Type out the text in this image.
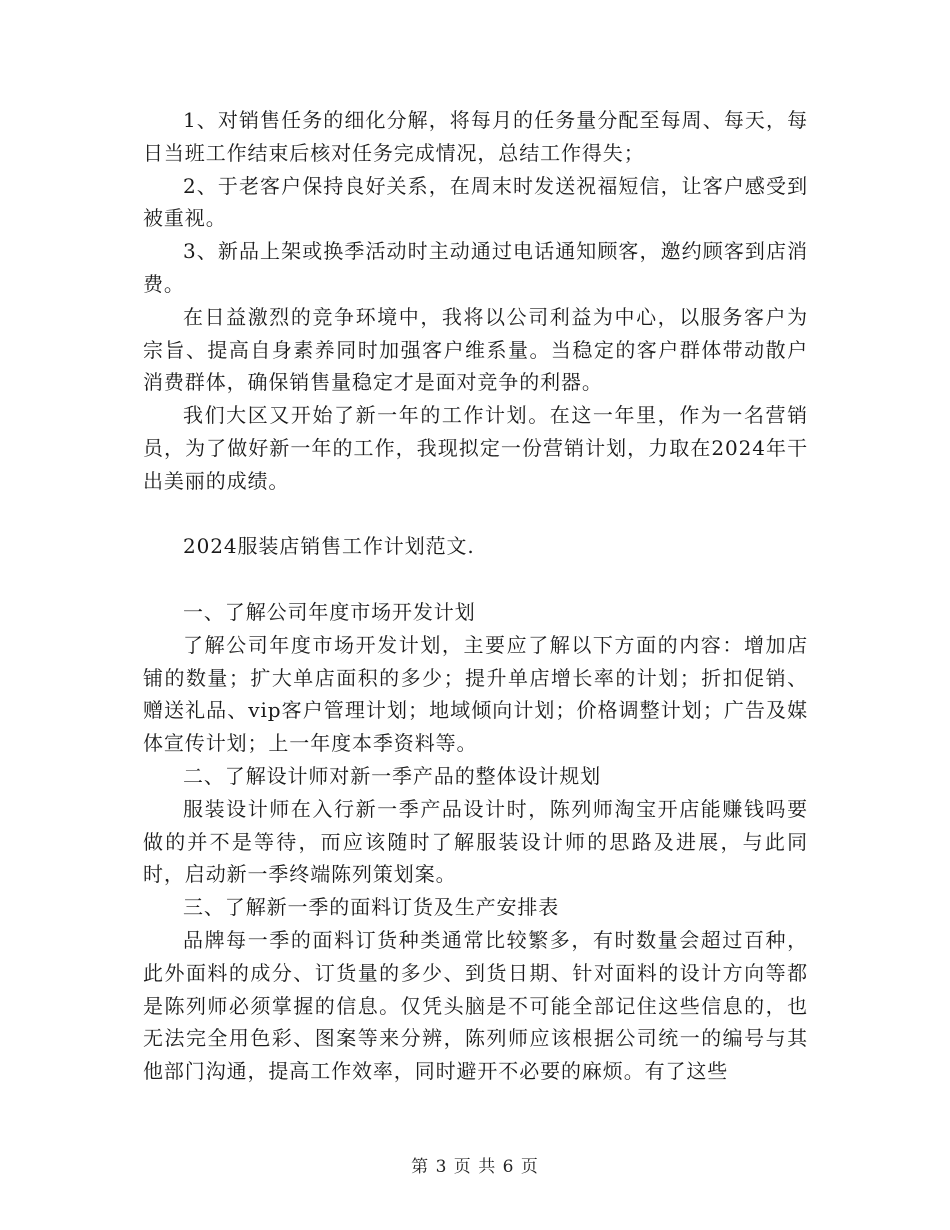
1、对销售任务的细化分解，将每月的任务量分配至每周、每天，每日当班工作结束后核对任务完成情况，总结工作得失；

2、于老客户保持良好关系，在周末时发送祝福短信，让客户感受到被重视。

3、新品上架或换季活动时主动通过电话通知顾客，邀约顾客到店消费。

在日益激烈的竞争环境中，我将以公司利益为中心，以服务客户为宗旨、提高自身素养同时加强客户维系量。当稳定的客户群体带动散户消费群体，确保销售量稳定才是面对竞争的利器。

我们大区又开始了新一年的工作计划。在这一年里，作为一名营销员，为了做好新一年的工作，我现拟定一份营销计划，力取在2024年干出美丽的成绩。

2024服装店销售工作计划范文.

一、了解公司年度市场开发计划

了解公司年度市场开发计划，主要应了解以下方面的内容：增加店铺的数量；扩大单店面积的多少；提升单店增长率的计划；折扣促销、赠送礼品、vip客户管理计划；地域倾向计划；价格调整计划；广告及媒体宣传计划；上一年度本季资料等。

二、了解设计师对新一季产品的整体设计规划

服装设计师在入行新一季产品设计时，陈列师淘宝开店能赚钱吗要做的并不是等待，而应该随时了解服装设计师的思路及进展，与此同时，启动新一季终端陈列策划案。

三、了解新一季的面料订货及生产安排表

品牌每一季的面料订货种类通常比较繁多，有时数量会超过百种，此外面料的成分、订货量的多少、到货日期、针对面料的设计方向等都是陈列师必须掌握的信息。仅凭头脑是不可能全部记住这些信息的，也无法完全用色彩、图案等来分辨，陈列师应该根据公司统一的编号与其他部门沟通，提高工作效率，同时避开不必要的麻烦。有了这些

第 3 页 共 6 页
